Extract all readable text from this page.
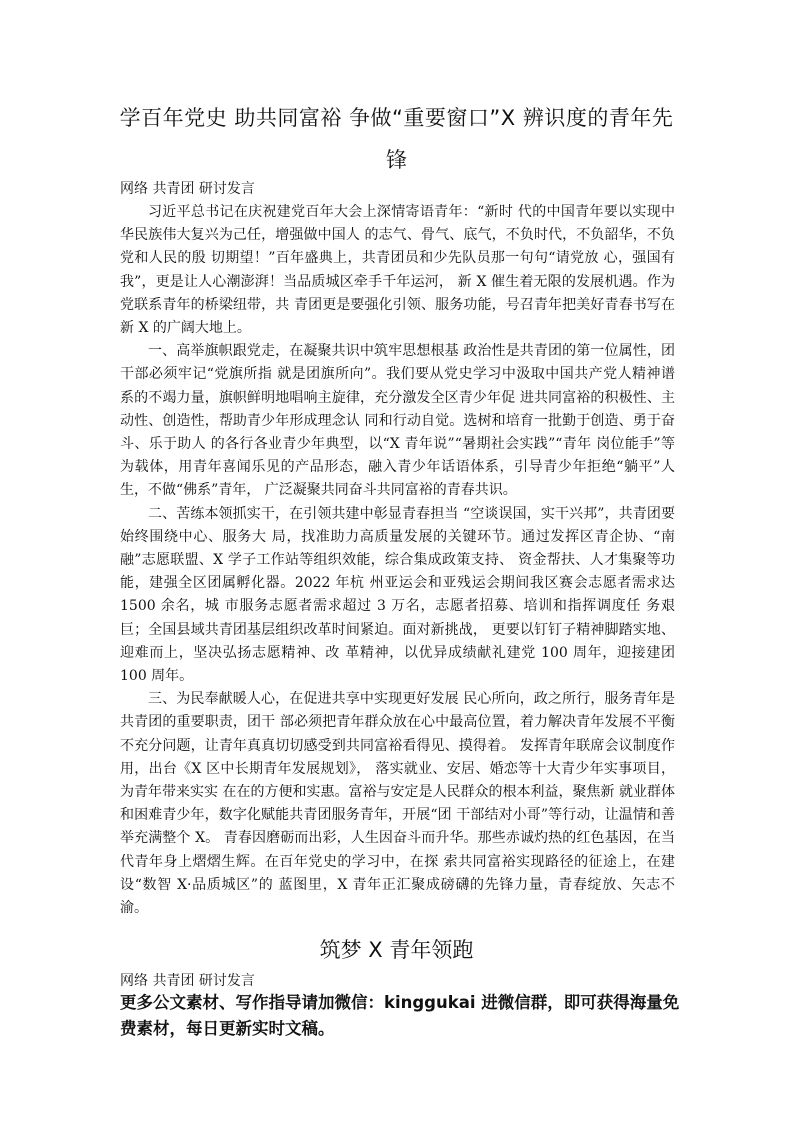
学百年党史 助共同富裕 争做“重要窗口”X 辨识度的青年先
锋
网络 共青团 研讨发言

习近平总书记在庆祝建党百年大会上深情寄语青年：“新时 代的中国青年要以实现中华民族伟大复兴为己任，增强做中国人 的志气、骨气、底气，不负时代，不负韶华，不负党和人民的殷 切期望！”百年盛典上，共青团员和少先队员那一句句“请党放 心，强国有我”，更是让人心潮澎湃！当品质城区牵手千年运河， 新 X 催生着无限的发展机遇。作为党联系青年的桥梁纽带，共 青团更是要强化引领、服务功能，号召青年把美好青春书写在新 X 的广阔大地上。

一、高举旗帜跟党走，在凝聚共识中筑牢思想根基 政治性是共青团的第一位属性，团干部必须牢记“党旗所指 就是团旗所向”。我们要从党史学习中汲取中国共产党人精神谱 系的不竭力量，旗帜鲜明地唱响主旋律，充分激发全区青少年促 进共同富裕的积极性、主动性、创造性，帮助青少年形成理念认 同和行动自觉。选树和培育一批勤于创造、勇于奋斗、乐于助人 的各行各业青少年典型，以“X 青年说”“暑期社会实践”“青年 岗位能手”等为载体，用青年喜闻乐见的产品形态，融入青少年话语体系，引导青少年拒绝“躺平”人生，不做“佛系”青年， 广泛凝聚共同奋斗共同富裕的青春共识。

二、苦练本领抓实干，在引领共建中彰显青春担当 “空谈误国，实干兴邦”，共青团要始终围绕中心、服务大 局，找准助力高质量发展的关键环节。通过发挥区青企协、“南 融”志愿联盟、X 学子工作站等组织效能，综合集成政策支持、 资金帮扶、人才集聚等功能，建强全区团属孵化器。2022 年杭 州亚运会和亚残运会期间我区赛会志愿者需求达 1500 余名，城 市服务志愿者需求超过 3 万名，志愿者招募、培训和指挥调度任 务艰巨；全国县域共青团基层组织改革时间紧迫。面对新挑战， 更要以钉钉子精神脚踏实地、迎难而上，坚决弘扬志愿精神、改 革精神，以优异成绩献礼建党 100 周年，迎接建团 100 周年。

三、为民奉献暖人心，在促进共享中实现更好发展 民心所向，政之所行，服务青年是共青团的重要职责，团干 部必须把青年群众放在心中最高位置，着力解决青年发展不平衡 不充分问题，让青年真真切切感受到共同富裕看得见、摸得着。 发挥青年联席会议制度作用，出台《X 区中长期青年发展规划》， 落实就业、安居、婚恋等十大青少年实事项目，为青年带来实实 在在的方便和实惠。富裕与安定是人民群众的根本利益，聚焦新 就业群体和困难青少年，数字化赋能共青团服务青年，开展“团 干部结对小哥”等行动，让温情和善举充满整个 X。 青春因磨砺而出彩，人生因奋斗而升华。那些赤诚灼热的红色基因，在当代青年身上熠熠生辉。在百年党史的学习中，在探 索共同富裕实现路径的征途上，在建设“数智 X·品质城区”的 蓝图里，X 青年正汇聚成磅礴的先锋力量，青春绽放、矢志不渝。

筑梦 X 青年领跑
网络 共青团 研讨发言
更多公文素材、写作指导请加微信：kinggukai 进微信群，即可获得海量免费素材，每日更新实时文稿。
